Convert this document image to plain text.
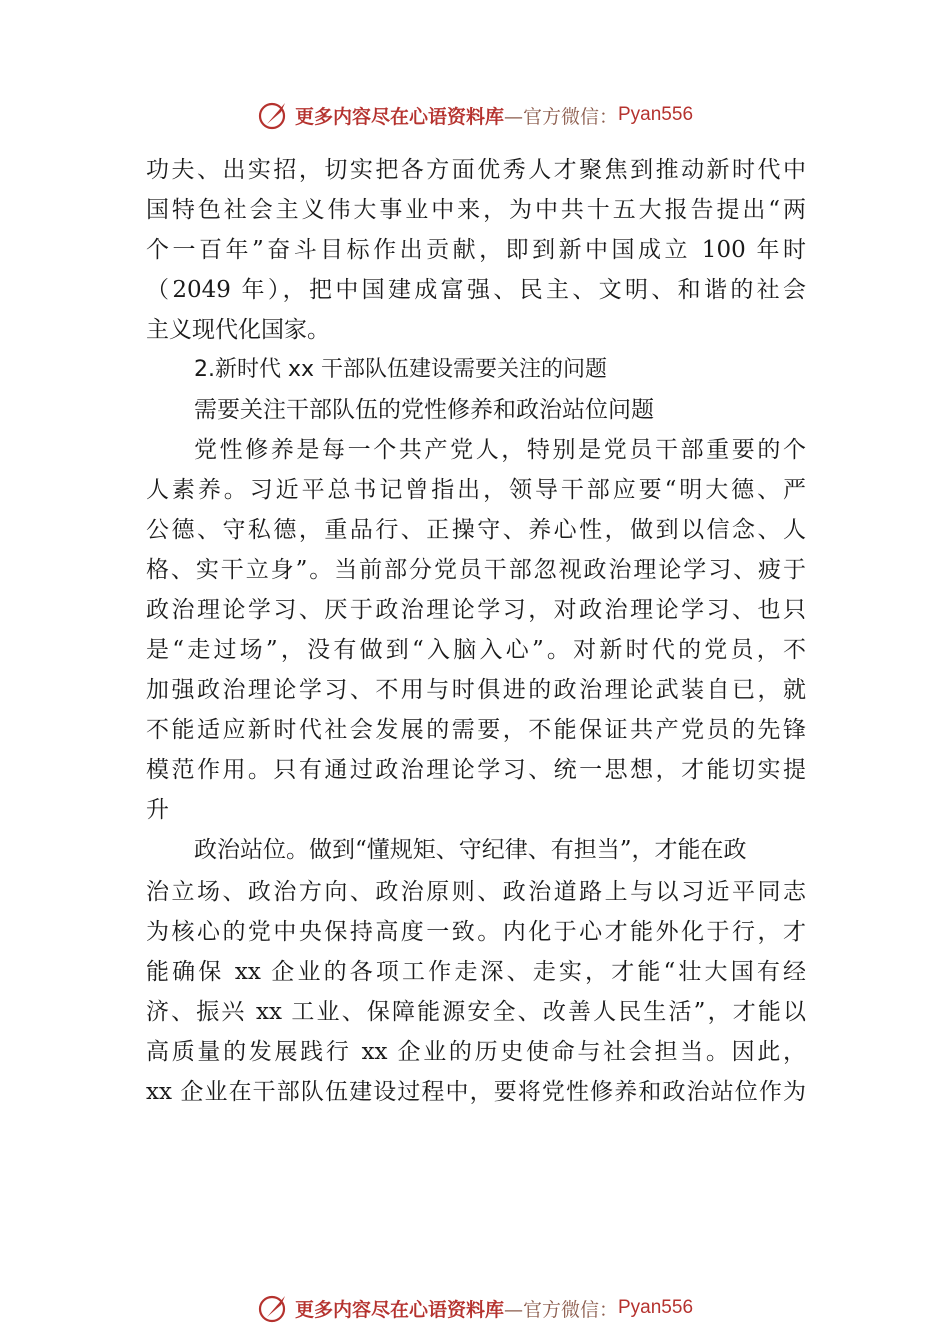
更多内容尽在心语资料库 —官方微信： Pyan556
功夫、出实招，切实把各方面优秀人才聚焦到推动新时代中
国特色社会主义伟大事业中来，为中共十五大报告提出“两
个一百年”奋斗目标作出贡献，即到新中国成立 100 年时
（2049 年），把中国建成富强、民主、文明、和谐的社会
主义现代化国家。
2.新时代 xx 干部队伍建设需要关注的问题
需要关注干部队伍的党性修养和政治站位问题
党性修养是每一个共产党人，特别是党员干部重要的个
人素养。习近平总书记曾指出，领导干部应要“明大德、严
公德、守私德，重品行、正操守、养心性，做到以信念、人
格、实干立身”。当前部分党员干部忽视政治理论学习、疲于
政治理论学习、厌于政治理论学习，对政治理论学习、也只
是“走过场”，没有做到“入脑入心”。对新时代的党员，不
加强政治理论学习、不用与时俱进的政治理论武装自已，就
不能适应新时代社会发展的需要，不能保证共产党员的先锋
模范作用。只有通过政治理论学习、统一思想，才能切实提
升
政治站位。做到“懂规矩、守纪律、有担当”，才能在政
治立场、政治方向、政治原则、政治道路上与以习近平同志
为核心的党中央保持高度一致。内化于心才能外化于行，才
能确保 xx 企业的各项工作走深、走实，才能“壮大国有经
济、振兴 xx 工业、保障能源安全、改善人民生活”，才能以
高质量的发展践行 xx 企业的历史使命与社会担当。因此，
xx 企业在干部队伍建设过程中，要将党性修养和政治站位作为
更多内容尽在心语资料库 —官方微信： Pyan556
